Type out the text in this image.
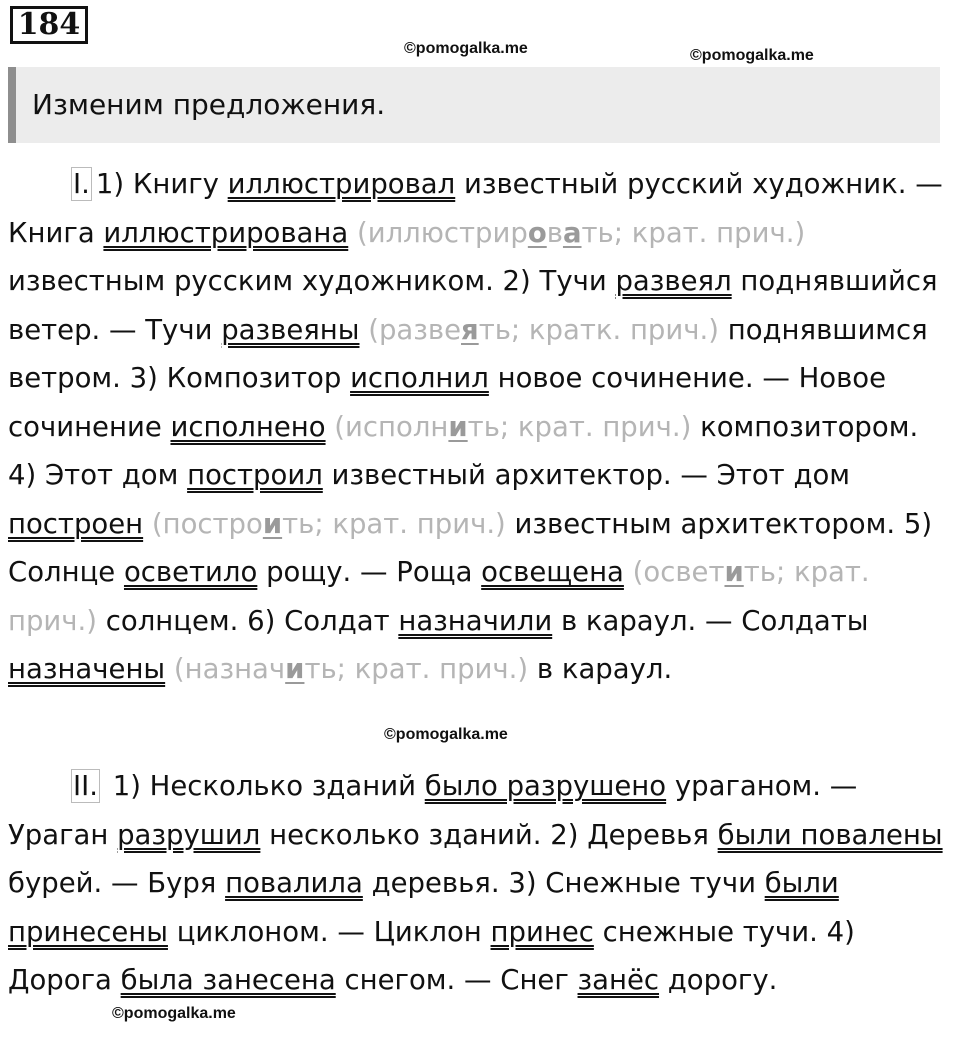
184
©pomogalka.me	©pomogalka.me
©pomogalka.me
©pomogalka.me
Изменим предложения.

I. 1) Книгу иллюстрировал известный русский художник. — Книга иллюстрирована (иллюстрировать; крат. прич.) известным русским художником. 2) Тучи развеял поднявшийся ветер. — Тучи развеяны (развеять; кратк. прич.) поднявшимся ветром. 3) Композитор исполнил новое сочинение. — Новое сочинение исполнено (исполнить; крат. прич.) композитором. 4) Этот дом построил известный архитектор. — Этот дом построен (построить; крат. прич.) известным архитектором. 5) Солнце осветило рощу. — Роща освещена (осветить; крат. прич.) солнцем. 6) Солдат назначили в караул. — Солдаты назначены (назначить; крат. прич.) в караул.

II. 1) Несколько зданий было разрушено ураганом. — Ураган разрушил несколько зданий. 2) Деревья были повалены бурей. — Буря повалила деревья. 3) Снежные тучи были принесены циклоном. — Циклон принес снежные тучи. 4) Дорога была занесена снегом. — Снег занёс дорогу.
